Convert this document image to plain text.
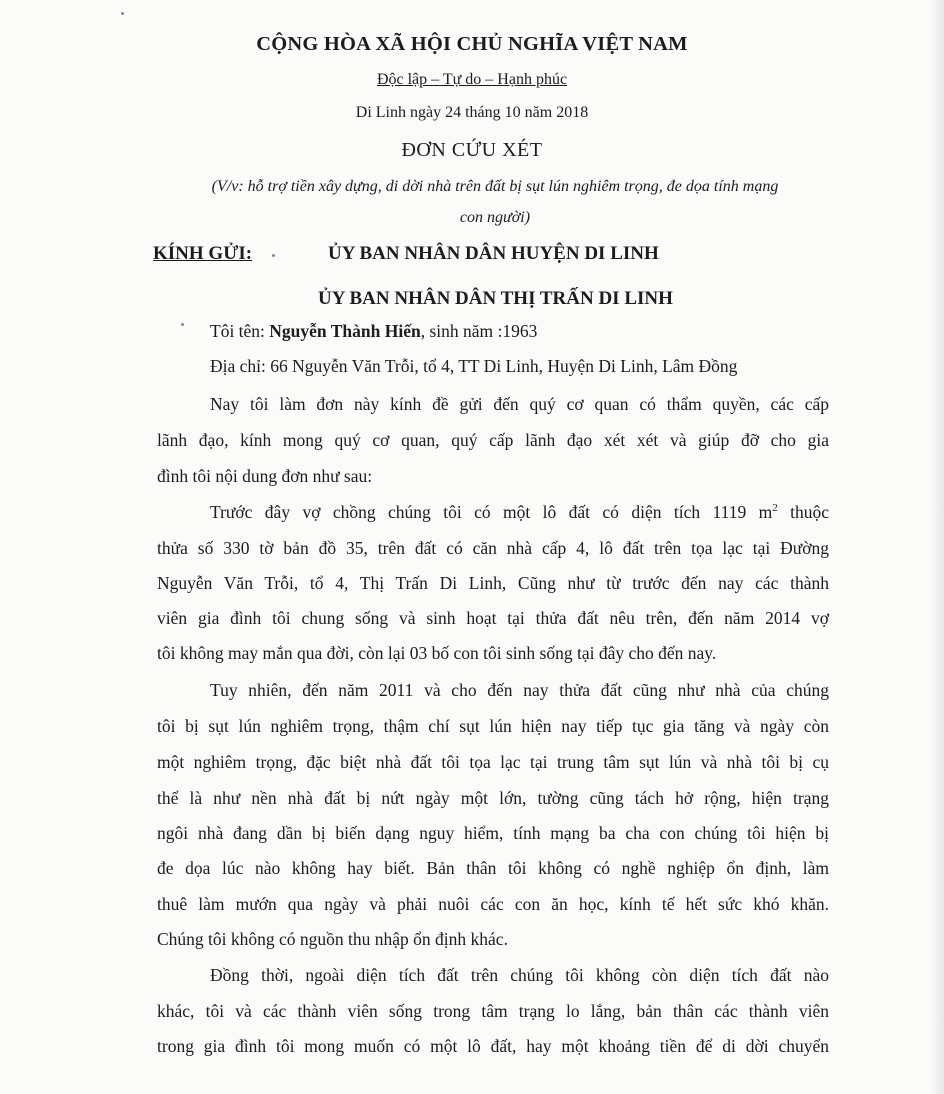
CỘNG HÒA XÃ HỘI CHỦ NGHĨA VIỆT NAM
Độc lập – Tự do – Hạnh phúc
Di Linh ngày 24 tháng 10 năm 2018
ĐƠN CỨU XÉT
(V/v: hỗ trợ tiền xây dựng, di dời nhà trên đất bị sụt lún nghiêm trọng, đe dọa tính mạng
con người)
KÍNH GỬI:	ỦY BAN NHÂN DÂN HUYỆN DI LINH
ỦY BAN NHÂN DÂN THỊ TRẤN DI LINH
Tôi tên: Nguyễn Thành Hiến, sinh năm :1963
Địa chỉ: 66 Nguyễn Văn Trỗi, tổ 4, TT Di Linh, Huyện Di Linh, Lâm Đồng
Nay tôi làm đơn này kính đề gửi đến quý cơ quan có thẩm quyền, các cấp
lãnh đạo, kính mong quý cơ quan, quý cấp lãnh đạo xét xét và giúp đỡ cho gia
đình tôi nội dung đơn như sau:
Trước đây vợ chồng chúng tôi có một lô đất có diện tích 1119 $m^2$ thuộc
thửa số 330 tờ bản đồ 35, trên đất có căn nhà cấp 4, lô đất trên tọa lạc tại Đường
Nguyễn Văn Trỗi, tổ 4, Thị Trấn Di Linh, Cũng như từ trước đến nay các thành
viên gia đình tôi chung sống và sinh hoạt tại thửa đất nêu trên, đến năm 2014 vợ
tôi không may mắn qua đời, còn lại 03 bố con tôi sinh sống tại đây cho đến nay.
Tuy nhiên, đến năm 2011 và cho đến nay thửa đất cũng như nhà của chúng
tôi bị sụt lún nghiêm trọng, thậm chí sụt lún hiện nay tiếp tục gia tăng và ngày còn
một nghiêm trọng, đặc biệt nhà đất tôi tọa lạc tại trung tâm sụt lún và nhà tôi bị cụ
thể là như nền nhà đất bị nứt ngày một lớn, tường cũng tách hở rộng, hiện trạng
ngôi nhà đang dần bị biến dạng nguy hiểm, tính mạng ba cha con chúng tôi hiện bị
đe dọa lúc nào không hay biết. Bản thân tôi không có nghề nghiệp ổn định, làm
thuê làm mướn qua ngày và phải nuôi các con ăn học, kính tế hết sức khó khăn.
Chúng tôi không có nguồn thu nhập ổn định khác.
Đồng thời, ngoài diện tích đất trên chúng tôi không còn diện tích đất nào
khác, tôi và các thành viên sống trong tâm trạng lo lắng, bản thân các thành viên
trong gia đình tôi mong muốn có một lô đất, hay một khoảng tiền để di dời chuyển
